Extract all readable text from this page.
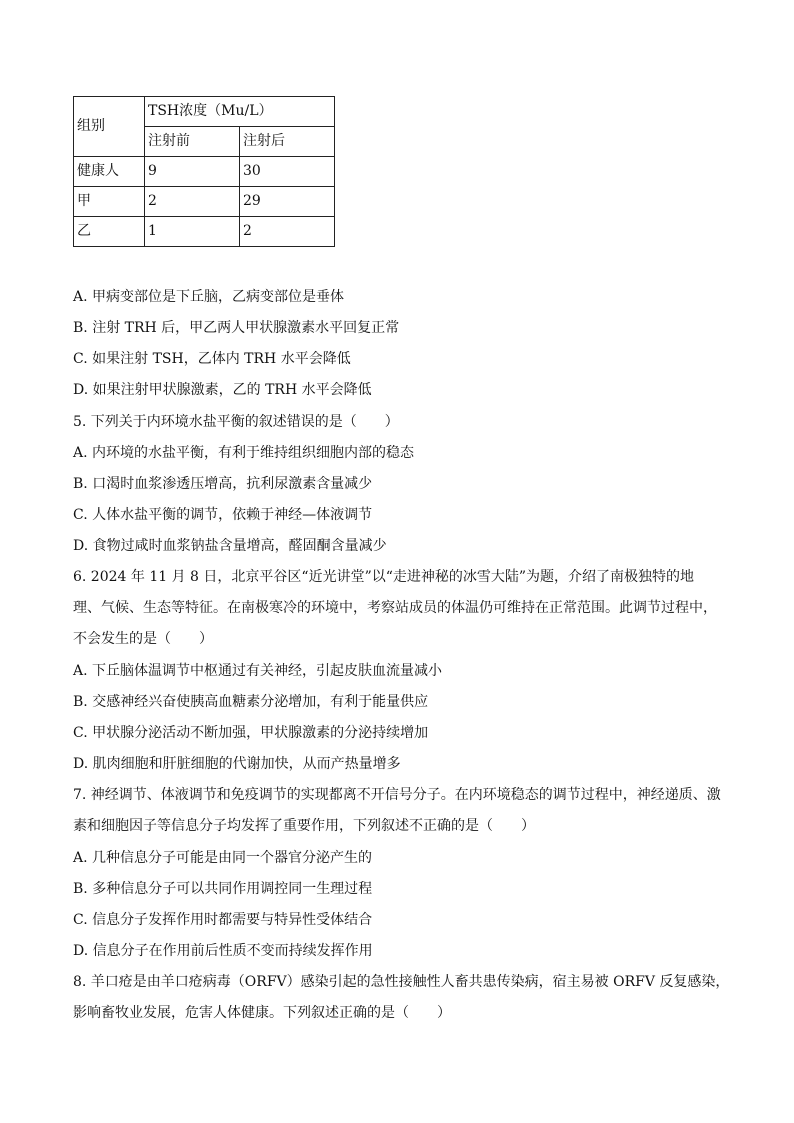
组别	TSH浓度（Mu/L）	
	注射前	注射后
健康人	9	30
甲	2	29
乙	1	2
A. 甲病变部位是下丘脑，乙病变部位是垂体
B. 注射 TRH 后，甲乙两人甲状腺激素水平回复正常
C. 如果注射 TSH，乙体内 TRH 水平会降低
D. 如果注射甲状腺激素，乙的 TRH 水平会降低
5. 下列关于内环境水盐平衡的叙述错误的是（　　）
A. 内环境的水盐平衡，有利于维持组织细胞内部的稳态
B. 口渴时血浆渗透压增高，抗利尿激素含量减少
C. 人体水盐平衡的调节，依赖于神经—体液调节
D. 食物过咸时血浆钠盐含量增高，醛固酮含量减少
6. 2024 年 11 月 8 日，北京平谷区“近光讲堂”以“走进神秘的冰雪大陆”为题，介绍了南极独特的地
理、气候、生态等特征。在南极寒冷的环境中，考察站成员的体温仍可维持在正常范围。此调节过程中，
不会发生的是（　　）
A. 下丘脑体温调节中枢通过有关神经，引起皮肤血流量减小
B. 交感神经兴奋使胰高血糖素分泌增加，有利于能量供应
C. 甲状腺分泌活动不断加强，甲状腺激素的分泌持续增加
D. 肌肉细胞和肝脏细胞的代谢加快，从而产热量增多
7. 神经调节、体液调节和免疫调节的实现都离不开信号分子。在内环境稳态的调节过程中，神经递质、激
素和细胞因子等信息分子均发挥了重要作用，下列叙述不正确的是（　　）
A. 几种信息分子可能是由同一个器官分泌产生的
B. 多种信息分子可以共同作用调控同一生理过程
C. 信息分子发挥作用时都需要与特异性受体结合
D. 信息分子在作用前后性质不变而持续发挥作用
8. 羊口疮是由羊口疮病毒（ORFV）感染引起的急性接触性人畜共患传染病，宿主易被 ORFV 反复感染，
影响畜牧业发展，危害人体健康。下列叙述正确的是（　　）
